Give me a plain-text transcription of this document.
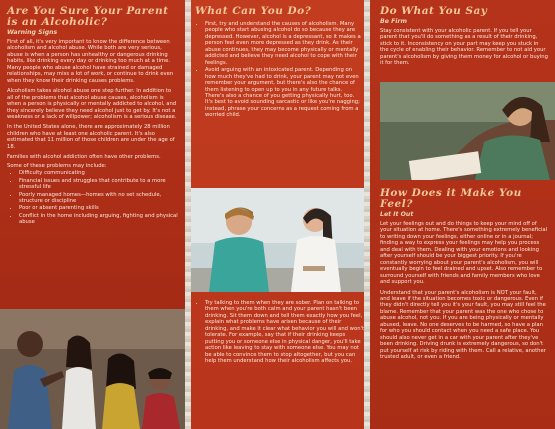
Are You Sure Your Parent is an Alcoholic?
Warning Signs

First of all, it's very important to know the difference between alcoholism and alcohol abuse. While both are very serious, abuse is when a person has unhealthy or dangerous drinking habits, like drinking every day or drinking too much at a time. Many people who abuse alcohol have strained or damaged relationships, may miss a lot of work, or continue to drink even when they know their drinking causes problems.

Alcoholism takes alcohol abuse one step further. In addition to all of the problems that alcohol abuse causes, alcoholism is when a person is physically or mentally addicted to alcohol, and they sincerely believe they need alcohol just to get by. It's not a weakness or a lack of willpower; alcoholism is a serious disease.

In the United States alone, there are approximately 28 million children who have at least one alcoholic parent. It's also estimated that 11 million of those children are under the age of 18.

Families with alcohol addiction often have other problems.

Some of these problems may include:

• Difficulty communicating
• Financial issues and struggles that contribute to a more stressful life
• Poorly managed homes—homes with no set schedule, structure or discipline
• Poor or absent parenting skills
• Conflict in the home including arguing, fighting and physical abuse
What Can You Do?
• First, try and understand the causes of alcoholism. Many people who start abusing alcohol do so because they are depressed. However, alcohol is a depressant, so it makes a person feel even more depressed as they drink. As their abuse continues, they may become physically or mentally addicted and believe they need alcohol to cope with their feelings.
• Avoid arguing with an intoxicated parent. Depending on how much they've had to drink, your parent may not even remember your argument, but there's also the chance of them listening to open up to you in any future talks. There's also a chance of you getting physically hurt, too. It's best to avoid sounding sarcastic or like you're nagging; instead, phrase your concerns as a request coming from a worried child.
• Try talking to them when they are sober. Plan on talking to them when you're both calm and your parent hasn't been drinking. Sit them down and tell them exactly how you feel, explain what problems have arisen because of their drinking, and make it clear what behavior you will and won't tolerate. For example, say that if their drinking keeps putting you or someone else in physical danger, you'll take action like leaving to stay with someone else. You may not be able to convince them to stop altogether, but you can help them understand how their alcoholism affects you.
Do What You Say
Be Firm

Stay consistent with your alcoholic parent. If you tell your parent that you'll do something as a result of their drinking, stick to it. Inconsistency on your part may keep you stuck in the cycle of enabling their behavior. Remember to not aid your parent's alcoholism by giving them money for alcohol or buying it for them.

How Does it Make You Feel?
Let It Out

Let your feelings out and do things to keep your mind off of your situation at home. There's something extremely beneficial to writing down your feelings, either online or in a journal; finding a way to express your feelings may help you process and deal with them. Dealing with your emotions and looking after yourself should be your biggest priority. If you're constantly worrying about your parent's alcoholism, you will eventually begin to feel drained and upset. Also remember to surround yourself with friends and family members who love and support you.

Understand that your parent's alcoholism is NOT your fault, and leave if the situation becomes toxic or dangerous. Even if they didn't directly tell you it's your fault, you may still feel the blame. Remember that your parent was the one who chose to abuse alcohol, not you. If you are being physically or mentally abused, leave. No one deserves to be harmed, so have a plan for who you should contact when you need a safe place. You should also never get in a car with your parent after they've been drinking. Driving drunk is extremely dangerous, so don't put yourself at risk by riding with them. Call a relative, another trusted adult, or even a friend.
